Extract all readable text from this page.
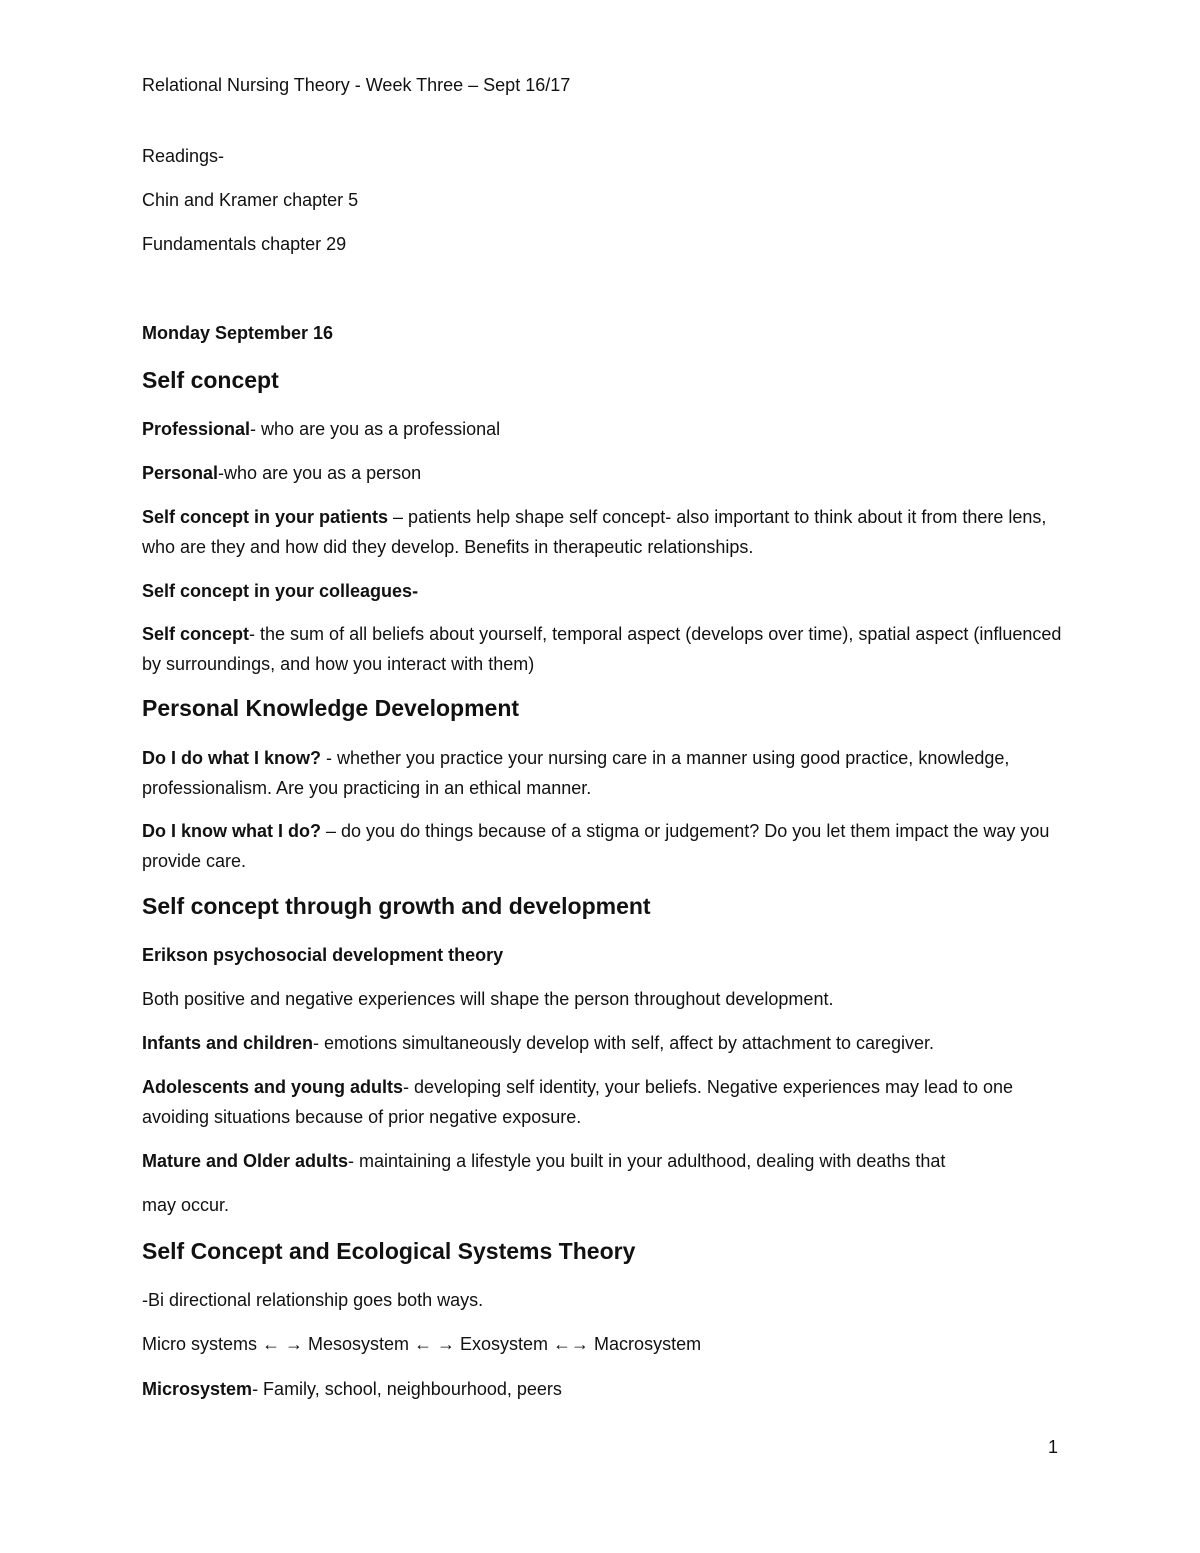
Relational Nursing Theory - Week Three – Sept 16/17
Readings-
Chin and Kramer chapter 5
Fundamentals chapter 29
Monday September 16
Self concept
Professional- who are you as a professional
Personal-who are you as a person
Self concept in your patients – patients help shape self concept- also important to think about it from there lens, who are they and how did they develop. Benefits in therapeutic relationships.
Self concept in your colleagues-
Self concept- the sum of all beliefs about yourself, temporal aspect (develops over time), spatial aspect (influenced by surroundings, and how you interact with them)
Personal Knowledge Development
Do I do what I know? - whether you practice your nursing care in a manner using good practice, knowledge, professionalism. Are you practicing in an ethical manner.
Do I know what I do? – do you do things because of a stigma or judgement? Do you let them impact the way you provide care.
Self concept through growth and development
Erikson psychosocial development theory
Both positive and negative experiences will shape the person throughout development.
Infants and children- emotions simultaneously develop with self, affect by attachment to caregiver.
Adolescents and young adults- developing self identity, your beliefs. Negative experiences may lead to one avoiding situations because of prior negative exposure.
Mature and Older adults- maintaining a lifestyle you built in your adulthood, dealing with deaths that
may occur.
Self Concept and Ecological Systems Theory
-Bi directional relationship goes both ways.
Micro systems ← → Mesosystem ← → Exosystem ←→ Macrosystem
Microsystem- Family, school, neighbourhood, peers
1
